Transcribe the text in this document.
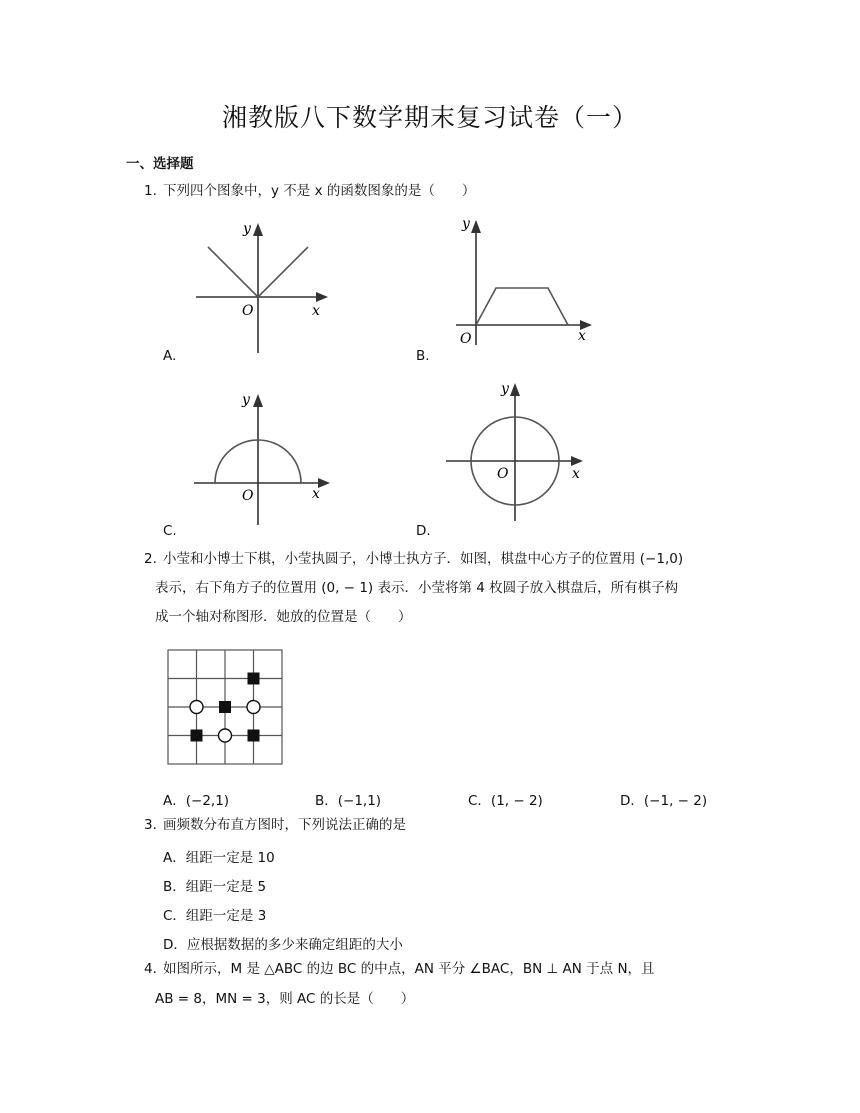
湘教版八下数学期末复习试卷（一）
一、选择题
1. 下列四个图象中，y 不是 x 的函数图象的是（　　）
O	x
y
A.
O	x
y
B.
O	x
y
C.
O	x
y
D.
2. 小莹和小博士下棋，小莹执圆子，小博士执方子．如图，棋盘中心方子的位置用 (−1,0)
表示，右下角方子的位置用 (0, − 1) 表示．小莹将第 4 枚圆子放入棋盘后，所有棋子构
成一个轴对称图形．她放的位置是（　　）
A．(−2,1)	B．(−1,1)	C．(1, − 2)	D．(−1, − 2)
3. 画频数分布直方图时，下列说法正确的是
A．组距一定是 10
B．组距一定是 5
C．组距一定是 3
D．应根据数据的多少来确定组距的大小
4. 如图所示，M 是 △ABC 的边 BC 的中点，AN 平分 ∠BAC，BN ⊥ AN 于点 N，且
AB = 8，MN = 3，则 AC 的长是（　　）
